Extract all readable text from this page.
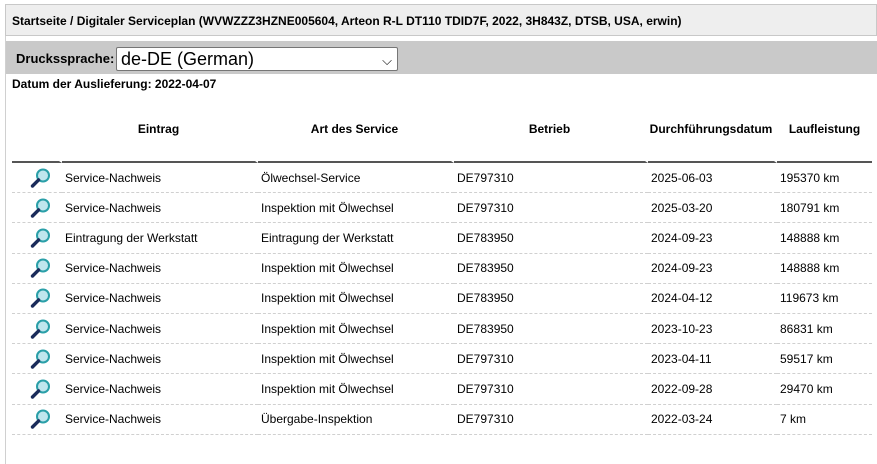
Startseite / Digitaler Serviceplan (WVWZZZ3HZNE005604, Arteon R-L DT110 TDID7F, 2022, 3H843Z, DTSB, USA, erwin)
Druckssprache: de-DE (German)	⌵
Datum der Auslieferung: 2022-04-07
	Eintrag	Art des Service	Betrieb	Durchführungsdatum	Laufleistung
	Service-Nachweis	Ölwechsel-Service	DE797310	2025-06-03	195370 km
	Service-Nachweis	Inspektion mit Ölwechsel	DE797310	2025-03-20	180791 km
	Eintragung der Werkstatt	Eintragung der Werkstatt	DE783950	2024-09-23	148888 km
	Service-Nachweis	Inspektion mit Ölwechsel	DE783950	2024-09-23	148888 km
	Service-Nachweis	Inspektion mit Ölwechsel	DE783950	2024-04-12	119673 km
	Service-Nachweis	Inspektion mit Ölwechsel	DE783950	2023-10-23	86831 km
	Service-Nachweis	Inspektion mit Ölwechsel	DE797310	2023-04-11	59517 km
	Service-Nachweis	Inspektion mit Ölwechsel	DE797310	2022-09-28	29470 km
	Service-Nachweis	Übergabe-Inspektion	DE797310	2022-03-24	7 km
